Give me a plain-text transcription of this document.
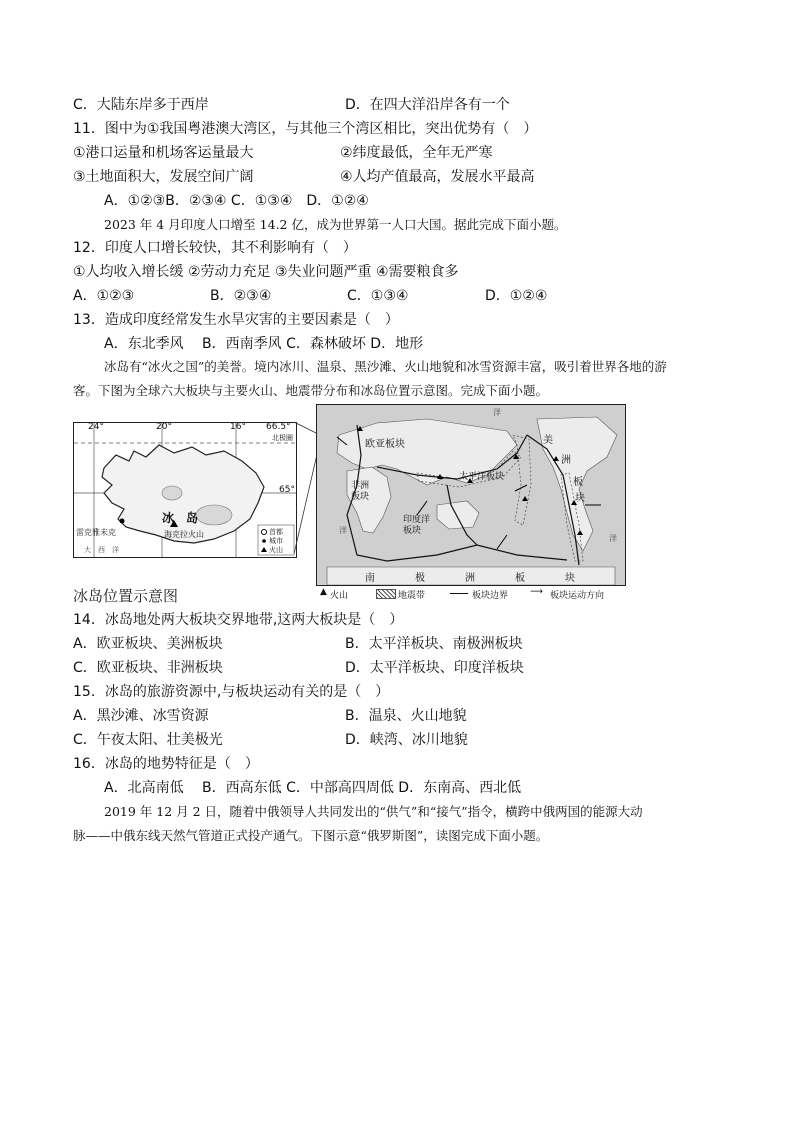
C．大陆东岸多于西岸	D．在四大洋沿岸各有一个
11．图中为①我国粤港澳大湾区，与其他三个湾区相比，突出优势有（　）
①港口运量和机场客运量最大	②纬度最低，全年无严寒
③土地面积大，发展空间广阔	④人均产值最高，发展水平最高
A．①②③B．②③④ C．①③④　D．①②④
2023 年 4 月印度人口增至 14.2 亿，成为世界第一人口大国。据此完成下面小题。
12．印度人口增长较快，其不利影响有（　）
①人均收入增长缓 ②劳动力充足 ③失业问题严重 ④需要粮食多
A．①②③	B．②③④	C．①③④	D．①②④
13．造成印度经常发生水旱灾害的主要因素是（　）
A．东北季风　 B．西南季风 C．森林破坏 D．地形
冰岛有“冰火之国”的美誉。境内冰川、温泉、黑沙滩、火山地貌和冰雪资源丰富，吸引着世界各地的游
客。下图为全球六大板块与主要火山、地震带分布和冰岛位置示意图。完成下面小题。
24°	20°	16° 66.5°
北极圈
65°
冰　岛
雷克雅未克	海克拉火山
大　西　洋
首都
城市
火山
冰岛位置示意图
欧亚板块
非洲
板块
太平洋板块
印度洋
板块
美
洲
板
块
洋
洋
洋
南	极	洲	板	块
▲ 火山	地震带	板块边界 ⟶ 板块运动方向
14．冰岛地处两大板块交界地带,这两大板块是（　）
A．欧亚板块、美洲板块	B．太平洋板块、南极洲板块
C．欧亚板块、非洲板块	D．太平洋板块、印度洋板块
15．冰岛的旅游资源中,与板块运动有关的是（　）
A．黑沙滩、冰雪资源	B．温泉、火山地貌
C．午夜太阳、壮美极光	D．峡湾、冰川地貌
16．冰岛的地势特征是（　）
A．北高南低　 B．西高东低 C．中部高四周低 D．东南高、西北低
2019 年 12 月 2 日，随着中俄领导人共同发出的“供气”和“接气”指令，横跨中俄两国的能源大动
脉——中俄东线天然气管道正式投产通气。下图示意“俄罗斯图”，读图完成下面小题。
